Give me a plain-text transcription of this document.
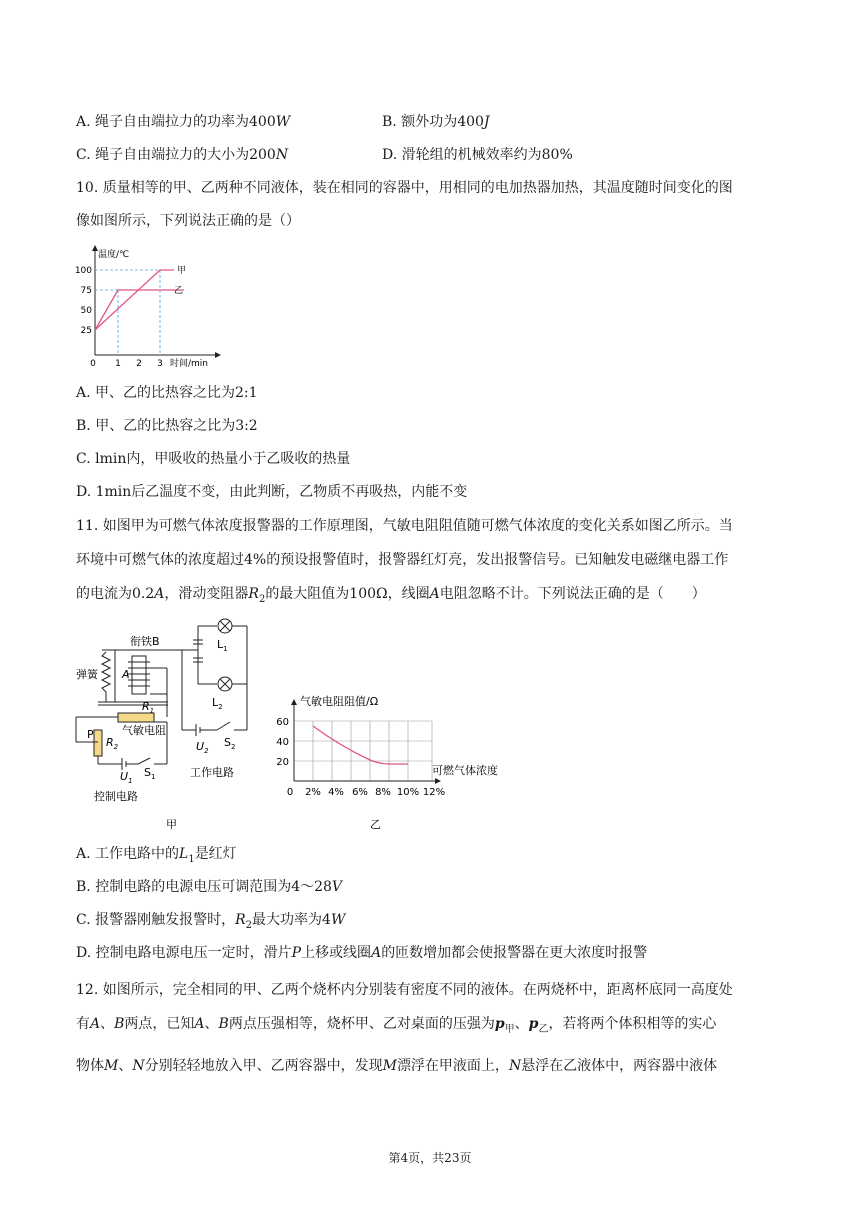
A. 绳子自由端拉力的功率为400W	B. 额外功为400J
C. 绳子自由端拉力的大小为200N	D. 滑轮组的机械效率约为80%
10. 质量相等的甲、乙两种不同液体，装在相同的容器中，用相同的电加热器加热，其温度随时间变化的图
像如图所示，下列说法正确的是（）
温度/℃
100
75
50
25
0 1 2 3 时间/min
甲
乙
A. 甲、乙的比热容之比为2:1
B. 甲、乙的比热容之比为3:2
C. lmin内，甲吸收的热量小于乙吸收的热量
D. 1min后乙温度不变，由此判断，乙物质不再吸热，内能不变
11. 如图甲为可燃气体浓度报警器的工作原理图，气敏电阻阻值随可燃气体浓度的变化关系如图乙所示。当
环境中可燃气体的浓度超过4%的预设报警值时，报警器红灯亮，发出报警信号。已知触发电磁继电器工作
的电流为0.2A，滑动变阻器$R_2$的最大阻值为100Ω，线圈A电阻忽略不计。下列说法正确的是（　　）
衔铁B
弹簧 A
$R_1$
气敏电阻
P
$R_2$
$U_1$
$S_1$
$L_1$
$L_2$
$U_2$
$S_2$
工作电路
控制电路
甲
气敏电阻阻值/Ω
60
40
20
可燃气体浓度
0 2% 4% 6% 8% 10% 12%
乙
A. 工作电路中的$L_1$是红灯
B. 控制电路的电源电压可调范围为4～28V
C. 报警器刚触发报警时，$R_2$最大功率为4W
D. 控制电路电源电压一定时，滑片P上移或线圈A的匝数增加都会使报警器在更大浓度时报警
12. 如图所示，完全相同的甲、乙两个烧杯内分别装有密度不同的液体。在两烧杯中，距离杯底同一高度处
有A、B两点，已知A、B两点压强相等，烧杯甲、乙对桌面的压强为$p_甲$、$p_乙$，若将两个体积相等的实心
物体M、N分别轻轻地放入甲、乙两容器中，发现M漂浮在甲液面上，N悬浮在乙液体中，两容器中液体
第4页，共23页
